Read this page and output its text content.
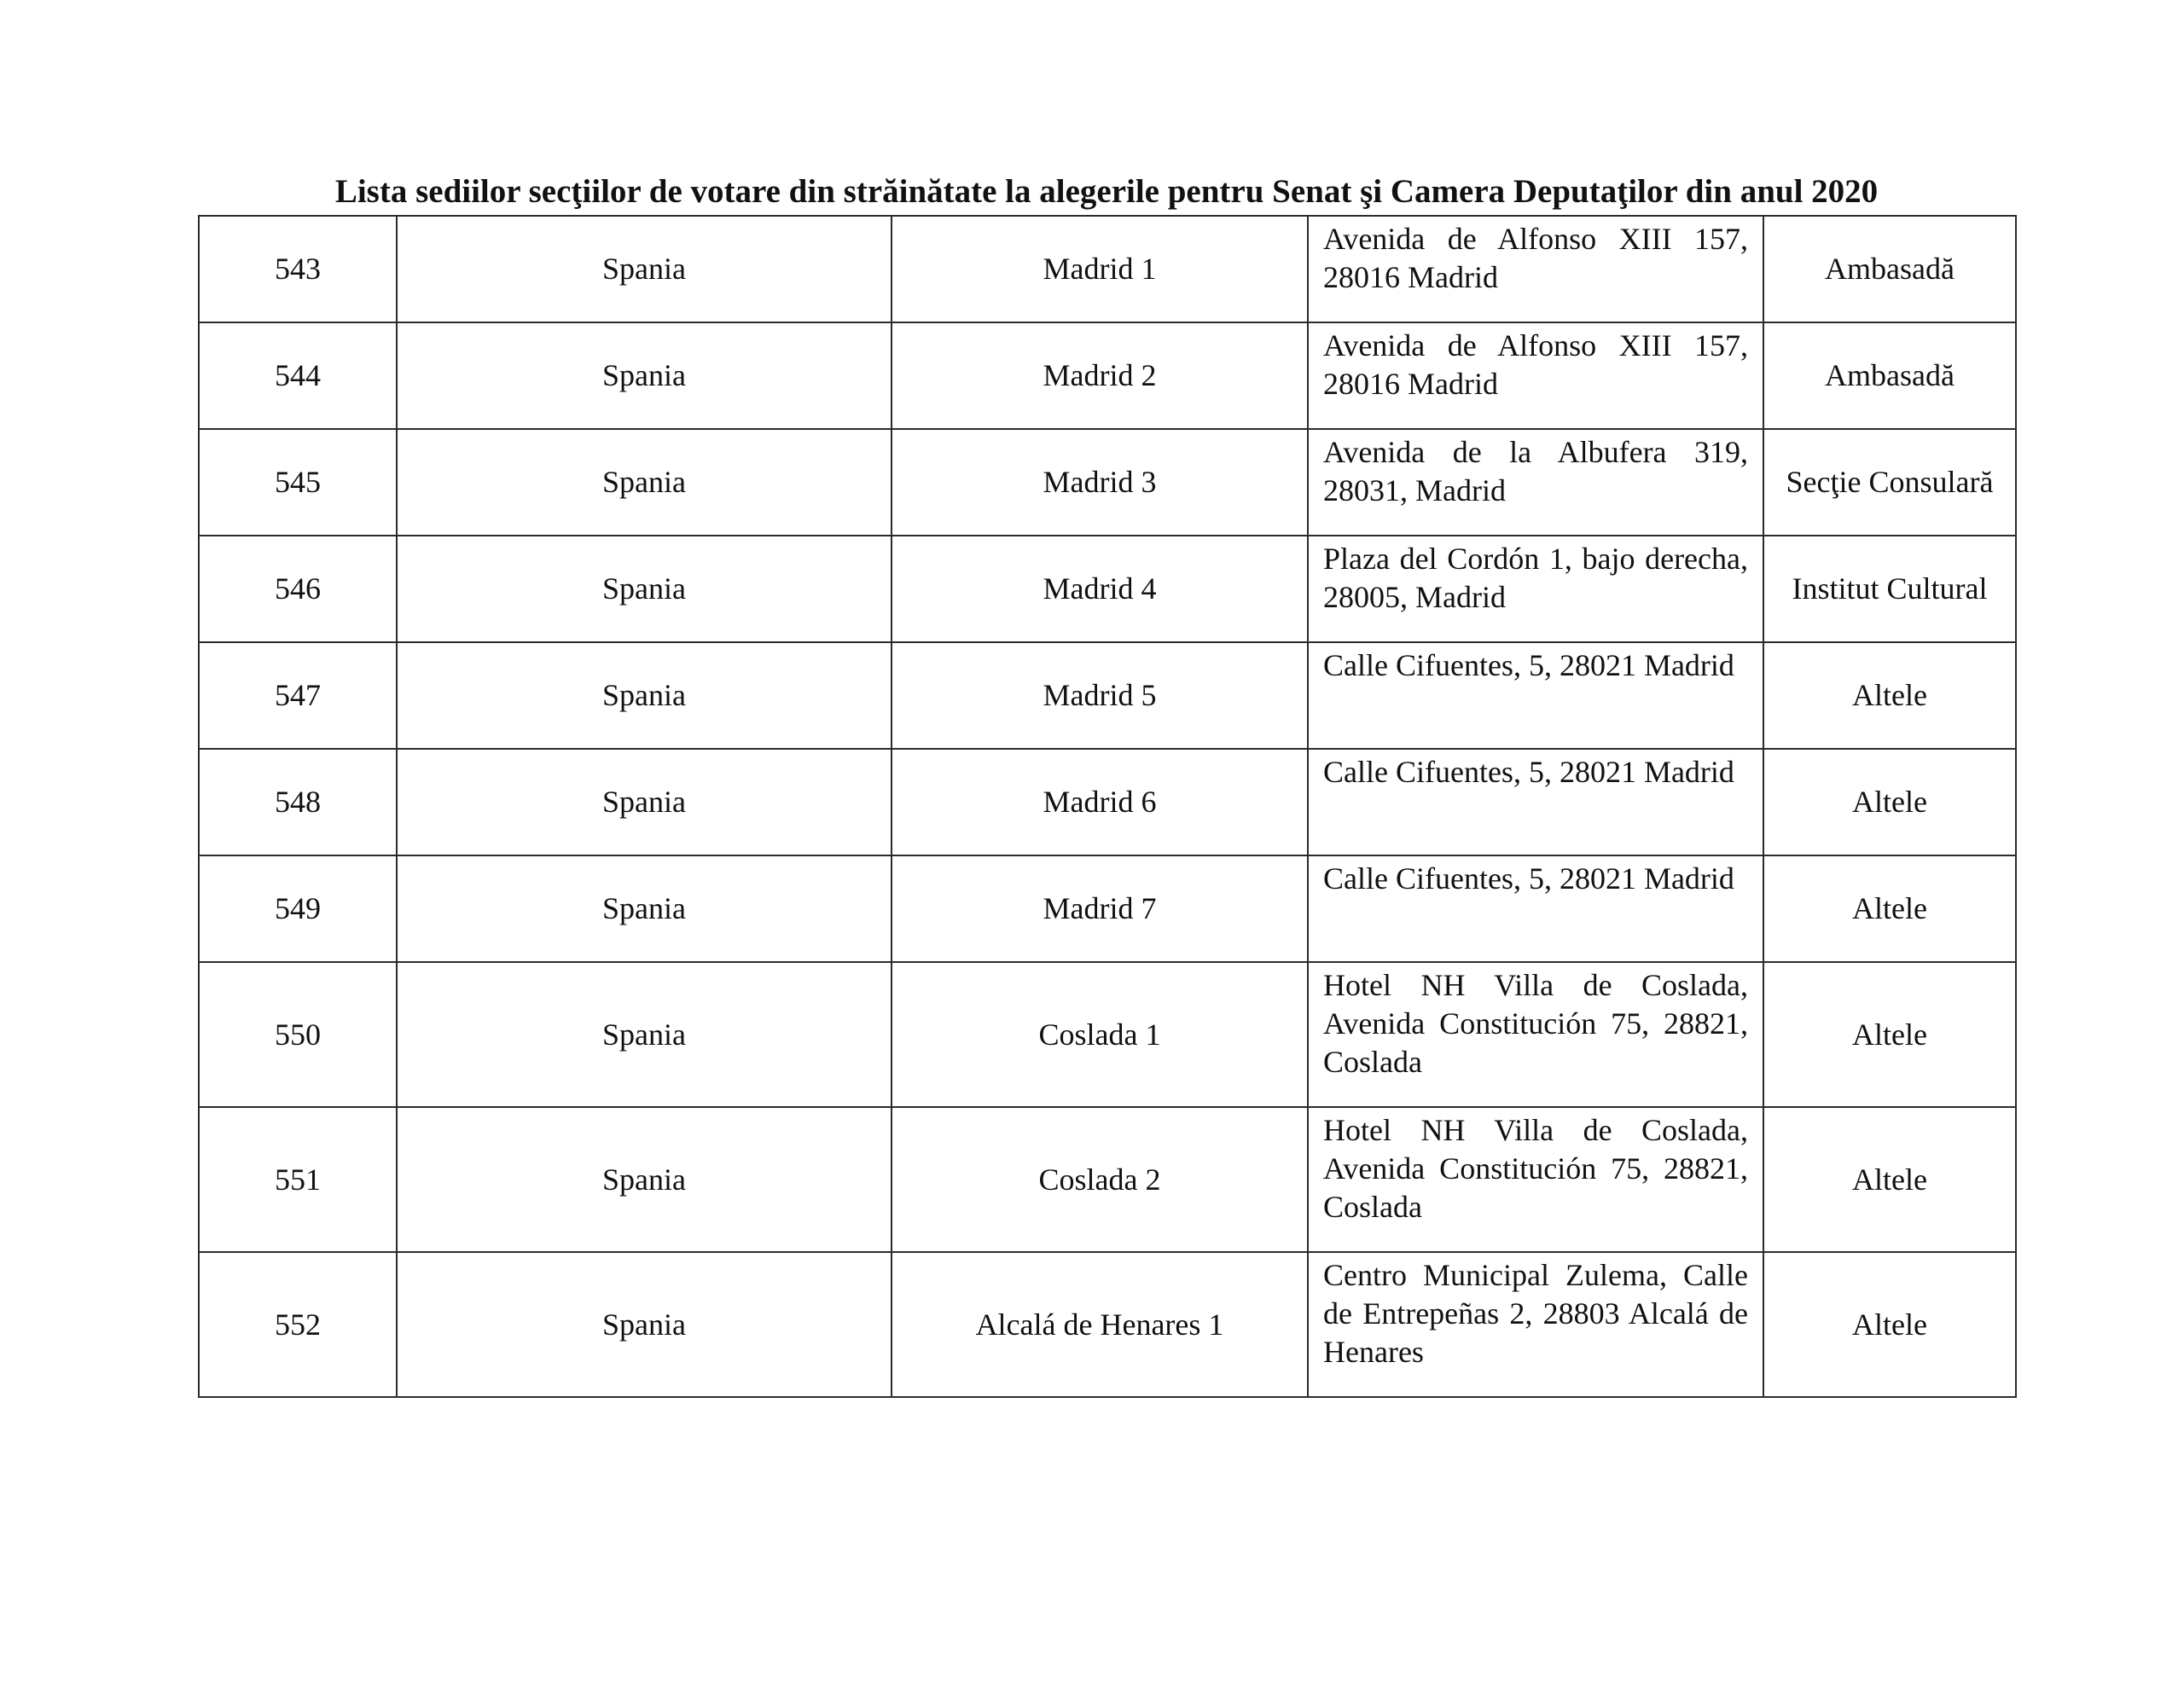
Lista sediilor secţiilor de votare din străinătate la alegerile pentru Senat şi Camera Deputaţilor din anul 2020
543	Spania	Madrid 1	Avenida de Alfonso XIII 157, 28016 Madrid	Ambasadă
544	Spania	Madrid 2	Avenida de Alfonso XIII 157, 28016 Madrid	Ambasadă
545	Spania	Madrid 3	Avenida de la Albufera 319, 28031, Madrid	Secţie Consulară
546	Spania	Madrid 4	Plaza del Cordón 1, bajo derecha, 28005, Madrid	Institut Cultural
547	Spania	Madrid 5	Calle Cifuentes, 5, 28021 Madrid	Altele
548	Spania	Madrid 6	Calle Cifuentes, 5, 28021 Madrid	Altele
549	Spania	Madrid 7	Calle Cifuentes, 5, 28021 Madrid	Altele
550	Spania	Coslada 1	Hotel NH Villa de Coslada, Avenida Constitución 75, 28821, Coslada	Altele
551	Spania	Coslada 2	Hotel NH Villa de Coslada, Avenida Constitución 75, 28821, Coslada	Altele
552	Spania	Alcalá de Henares 1	Centro Municipal Zulema, Calle de Entrepeñas 2, 28803 Alcalá de Henares	Altele
